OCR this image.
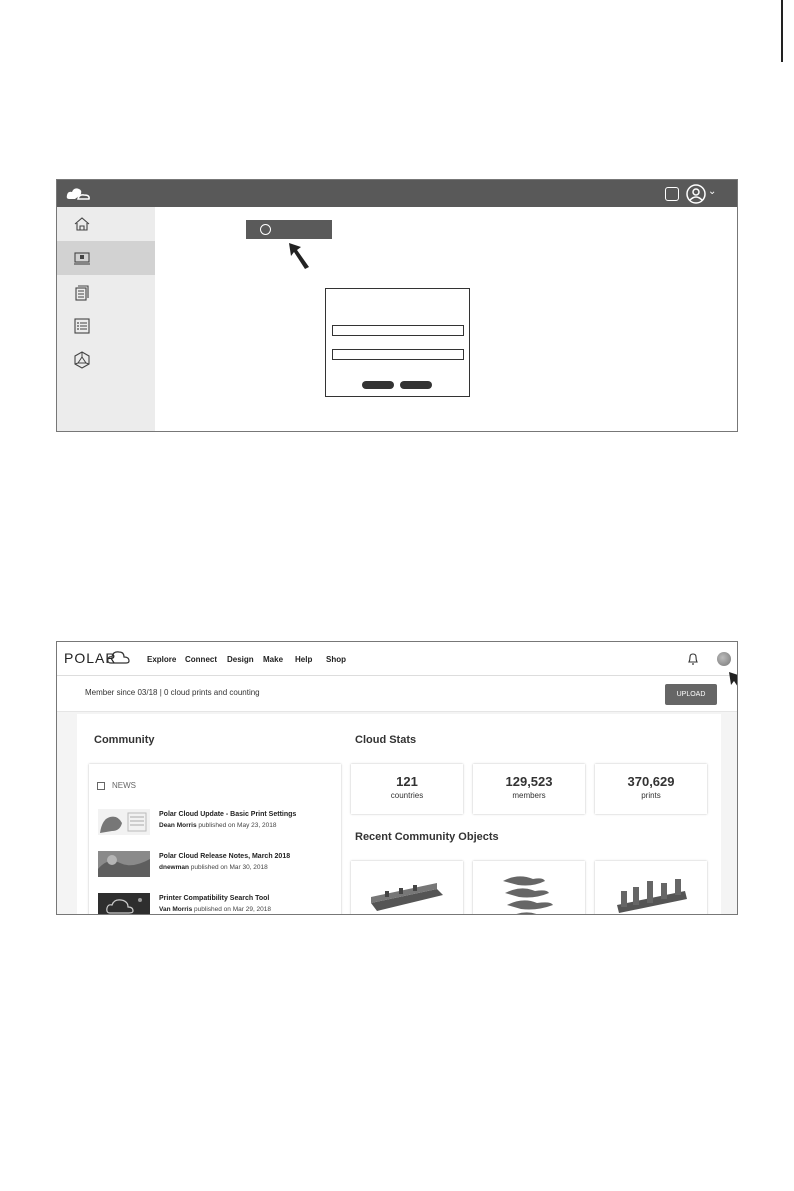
⌄
POLAR	Explore Connect Design Make Help Shop
Member since 03/18 | 0 cloud prints and counting	UPLOAD
Community
NEWS
Polar Cloud Update - Basic Print Settings
Dean Morris published on May 23, 2018
Polar Cloud Release Notes, March 2018
dnewman published on Mar 30, 2018
Printer Compatibility Search Tool
Van Morris published on Mar 29, 2018
Cloud Stats
121
countries
129,523
members
370,629
prints
Recent Community Objects
